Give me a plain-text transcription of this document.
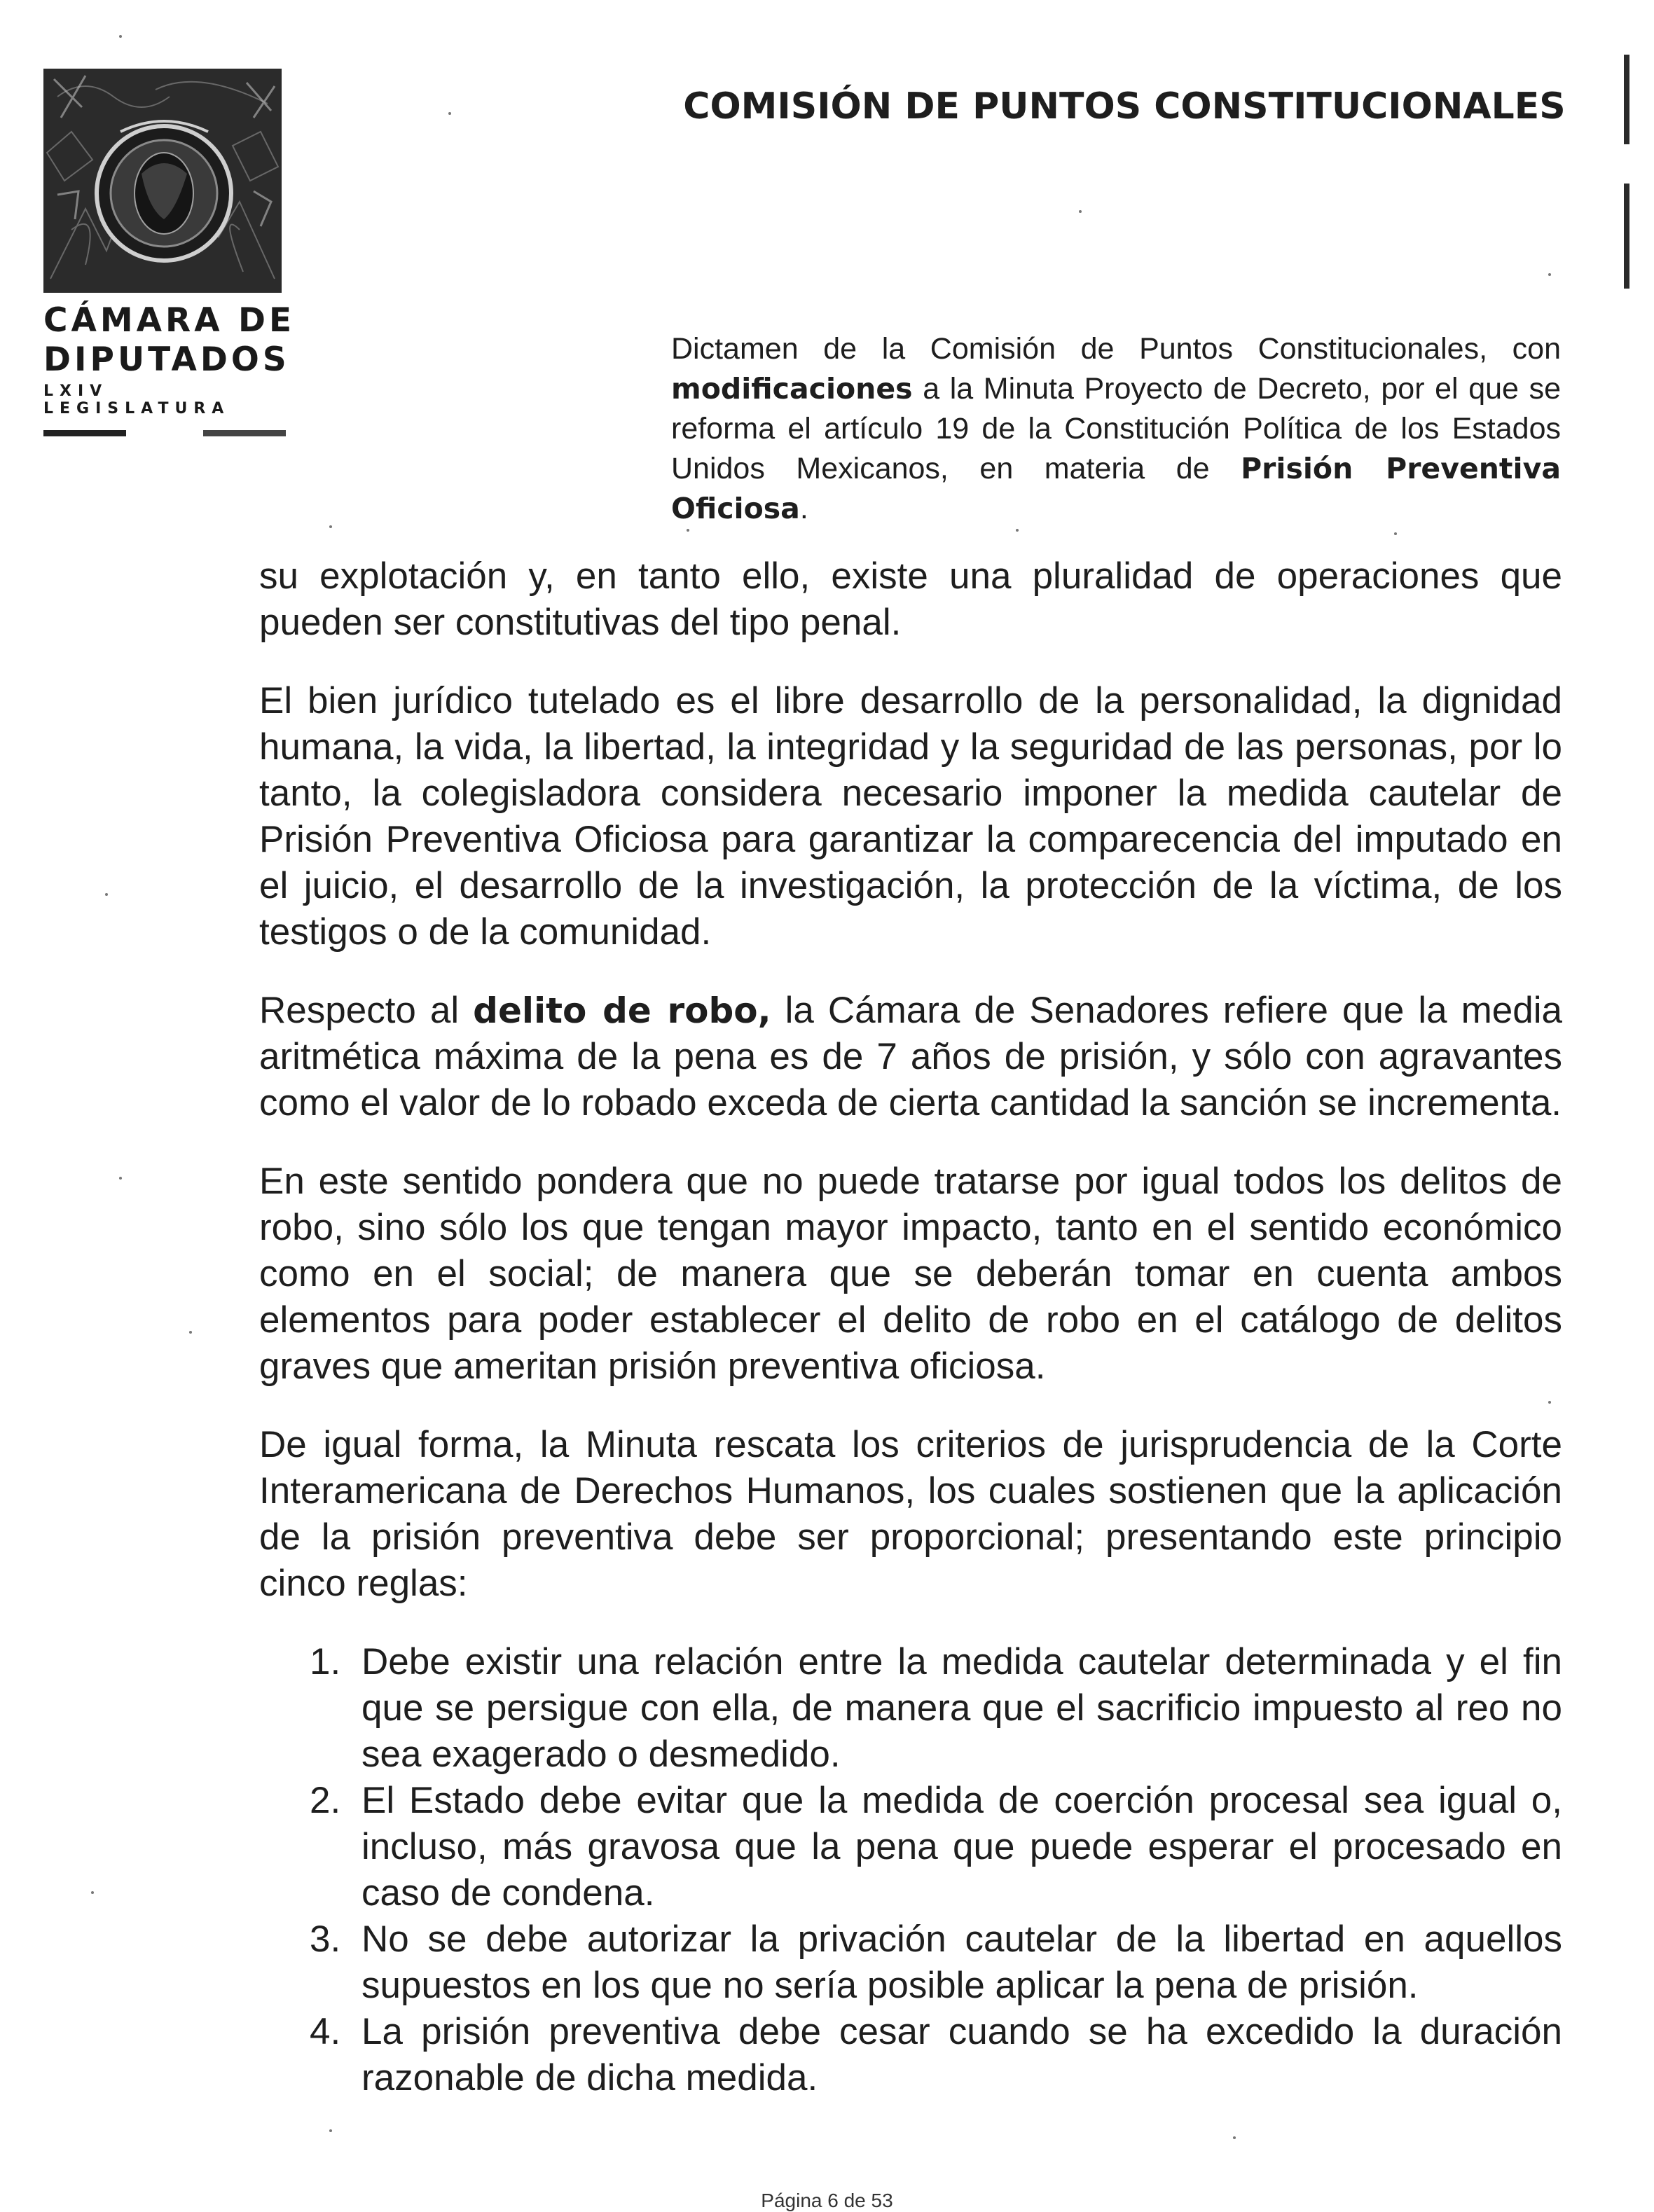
CÁMARA DE DIPUTADOS
LXIV LEGISLATURA
COMISIÓN DE PUNTOS CONSTITUCIONALES
Dictamen de la Comisión de Puntos Constitucionales, con modificaciones a la Minuta Proyecto de Decreto, por el que se reforma el artículo 19 de la Constitución Política de los Estados Unidos Mexicanos, en materia de Prisión Preventiva Oficiosa.

su explotación y, en tanto ello, existe una pluralidad de operaciones que pueden ser constitutivas del tipo penal.

El bien jurídico tutelado es el libre desarrollo de la personalidad, la dignidad humana, la vida, la libertad, la integridad y la seguridad de las personas, por lo tanto, la colegisladora considera necesario imponer la medida cautelar de Prisión Preventiva Oficiosa para garantizar la comparecencia del imputado en el juicio, el desarrollo de la investigación, la protección de la víctima, de los testigos o de la comunidad.

Respecto al delito de robo, la Cámara de Senadores refiere que la media aritmética máxima de la pena es de 7 años de prisión, y sólo con agravantes como el valor de lo robado exceda de cierta cantidad la sanción se incrementa.

En este sentido pondera que no puede tratarse por igual todos los delitos de robo, sino sólo los que tengan mayor impacto, tanto en el sentido económico como en el social; de manera que se deberán tomar en cuenta ambos elementos para poder establecer el delito de robo en el catálogo de delitos graves que ameritan prisión preventiva oficiosa.

De igual forma, la Minuta rescata los criterios de jurisprudencia de la Corte Interamericana de Derechos Humanos, los cuales sostienen que la aplicación de la prisión preventiva debe ser proporcional; presentando este principio cinco reglas:

1. Debe existir una relación entre la medida cautelar determinada y el fin que se persigue con ella, de manera que el sacrificio impuesto al reo no sea exagerado o desmedido.
2. El Estado debe evitar que la medida de coerción procesal sea igual o, incluso, más gravosa que la pena que puede esperar el procesado en caso de condena.
3. No se debe autorizar la privación cautelar de la libertad en aquellos supuestos en los que no sería posible aplicar la pena de prisión.
4. La prisión preventiva debe cesar cuando se ha excedido la duración razonable de dicha medida.
Página 6 de 53
